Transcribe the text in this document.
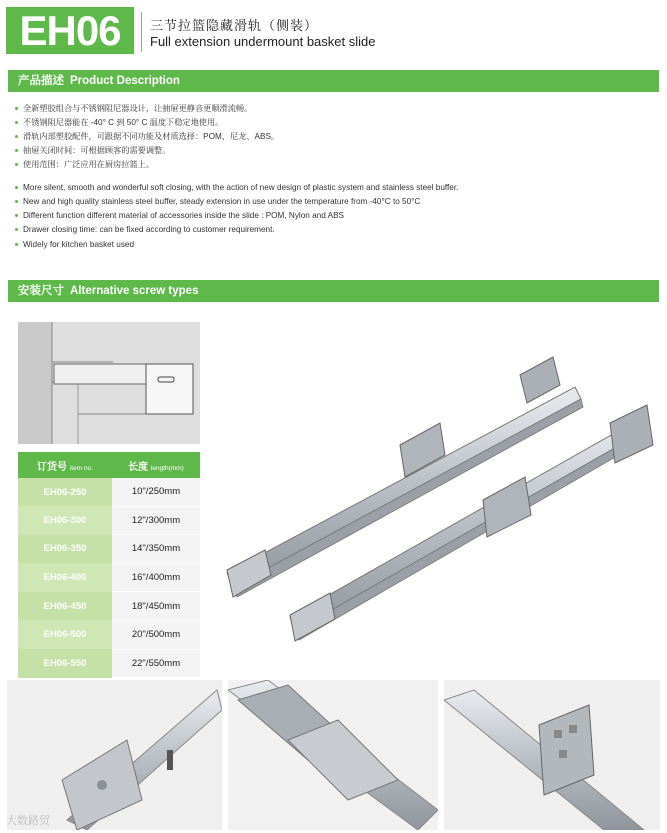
EH06	三节拉篮隐藏滑轨（侧装）
Full extension undermount basket slide
产品描述 Product Description
全新塑胶组合与不锈钢阻尼器设计，让抽屉更静音更顺滑流畅。
不锈钢阻尼器能在 -40° C 到 50° C 温度下稳定地使用。
滑轨内部塑胶配件，可跟据不同功能及材质选择：POM、尼龙、ABS。
抽屉关闭时间：可根据顾客的需要调整。
使用范围：广泛应用在厨房拉篮上。
More silent, smooth and wonderful soft closing, with the action of new design of plastic system and stainless steel buffer.
New and high quality stainless steel buffer, steady extension in use under the temperature from -40°C to 50°C
Different function different material of accessories inside the slide : POM, Nylon and ABS
Drawer closing time: can be fixed according to customer requirement.
Widely for kitchen basket used
安装尺寸 Alternative screw types
订货号 item no.	长度 length(mm)
EH06-250	10"/250mm
EH06-300	12"/300mm
EH06-350	14"/350mm
EH06-400	16"/400mm
EH06-450	18"/450mm
EH06-500	20"/500mm
EH06-550	22"/550mm
大数路贸
